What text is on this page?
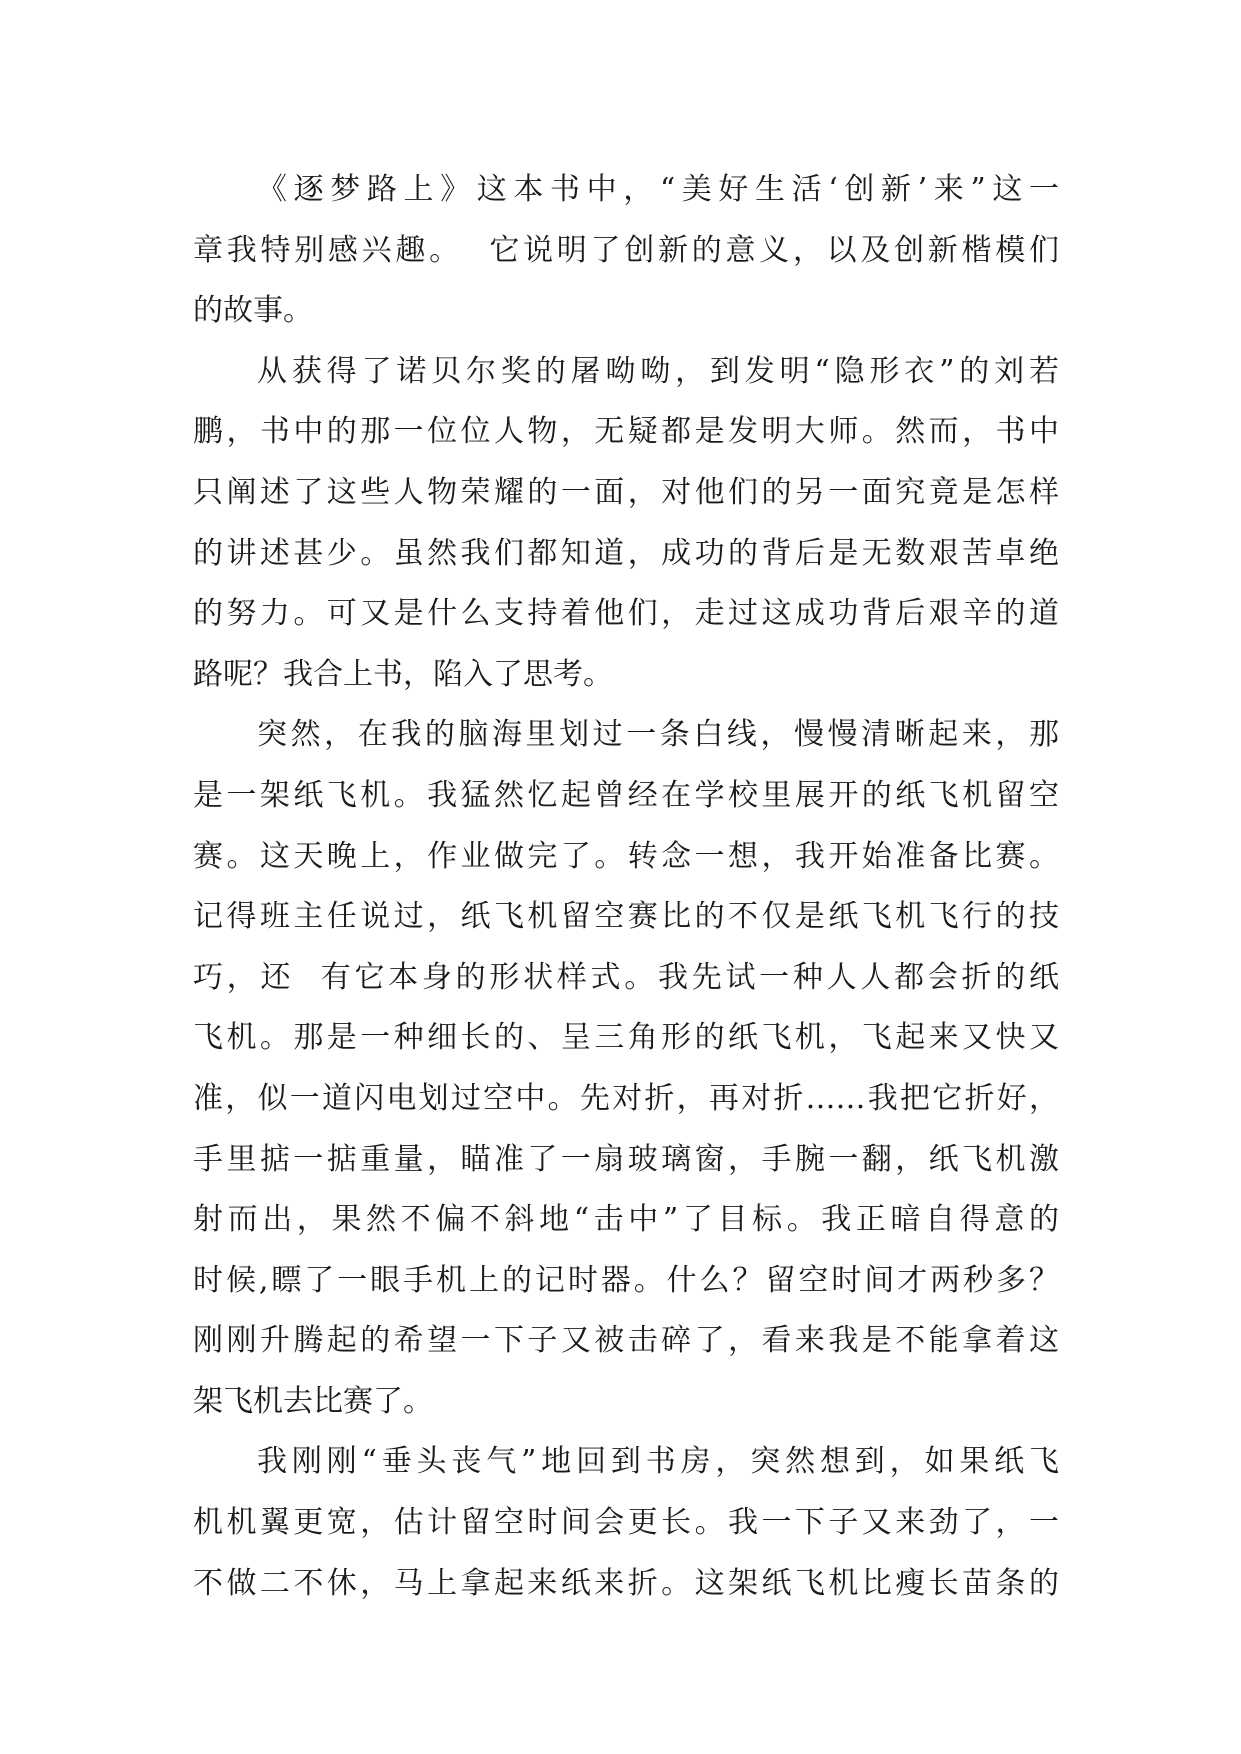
《逐梦路上》这本书中，“美好生活‘创新’来”这一
章我特别感兴趣。  它说明了创新的意义，以及创新楷模们
的故事。
从获得了诺贝尔奖的屠呦呦，到发明“隐形衣”的刘若
鹏，书中的那一位位人物，无疑都是发明大师。然而，书中
只阐述了这些人物荣耀的一面，对他们的另一面究竟是怎样
的讲述甚少。虽然我们都知道，成功的背后是无数艰苦卓绝
的努力。可又是什么支持着他们，走过这成功背后艰辛的道
路呢？我合上书，陷入了思考。
突然，在我的脑海里划过一条白线，慢慢清晰起来，那
是一架纸飞机。我猛然忆起曾经在学校里展开的纸飞机留空
赛。这天晚上，作业做完了。转念一想，我开始准备比赛。
记得班主任说过，纸飞机留空赛比的不仅是纸飞机飞行的技
巧，还  有它本身的形状样式。我先试一种人人都会折的纸
飞机。那是一种细长的、呈三角形的纸飞机，飞起来又快又
准，似一道闪电划过空中。先对折，再对折……我把它折好，
手里掂一掂重量，瞄准了一扇玻璃窗，手腕一翻，纸飞机激
射而出，果然不偏不斜地“击中”了目标。我正暗自得意的
时候,瞟了一眼手机上的记时器。什么？留空时间才两秒多？
刚刚升腾起的希望一下子又被击碎了，看来我是不能拿着这
架飞机去比赛了。
我刚刚“垂头丧气”地回到书房，突然想到，如果纸飞
机机翼更宽，估计留空时间会更长。我一下子又来劲了，一
不做二不休，马上拿起来纸来折。这架纸飞机比瘦长苗条的
